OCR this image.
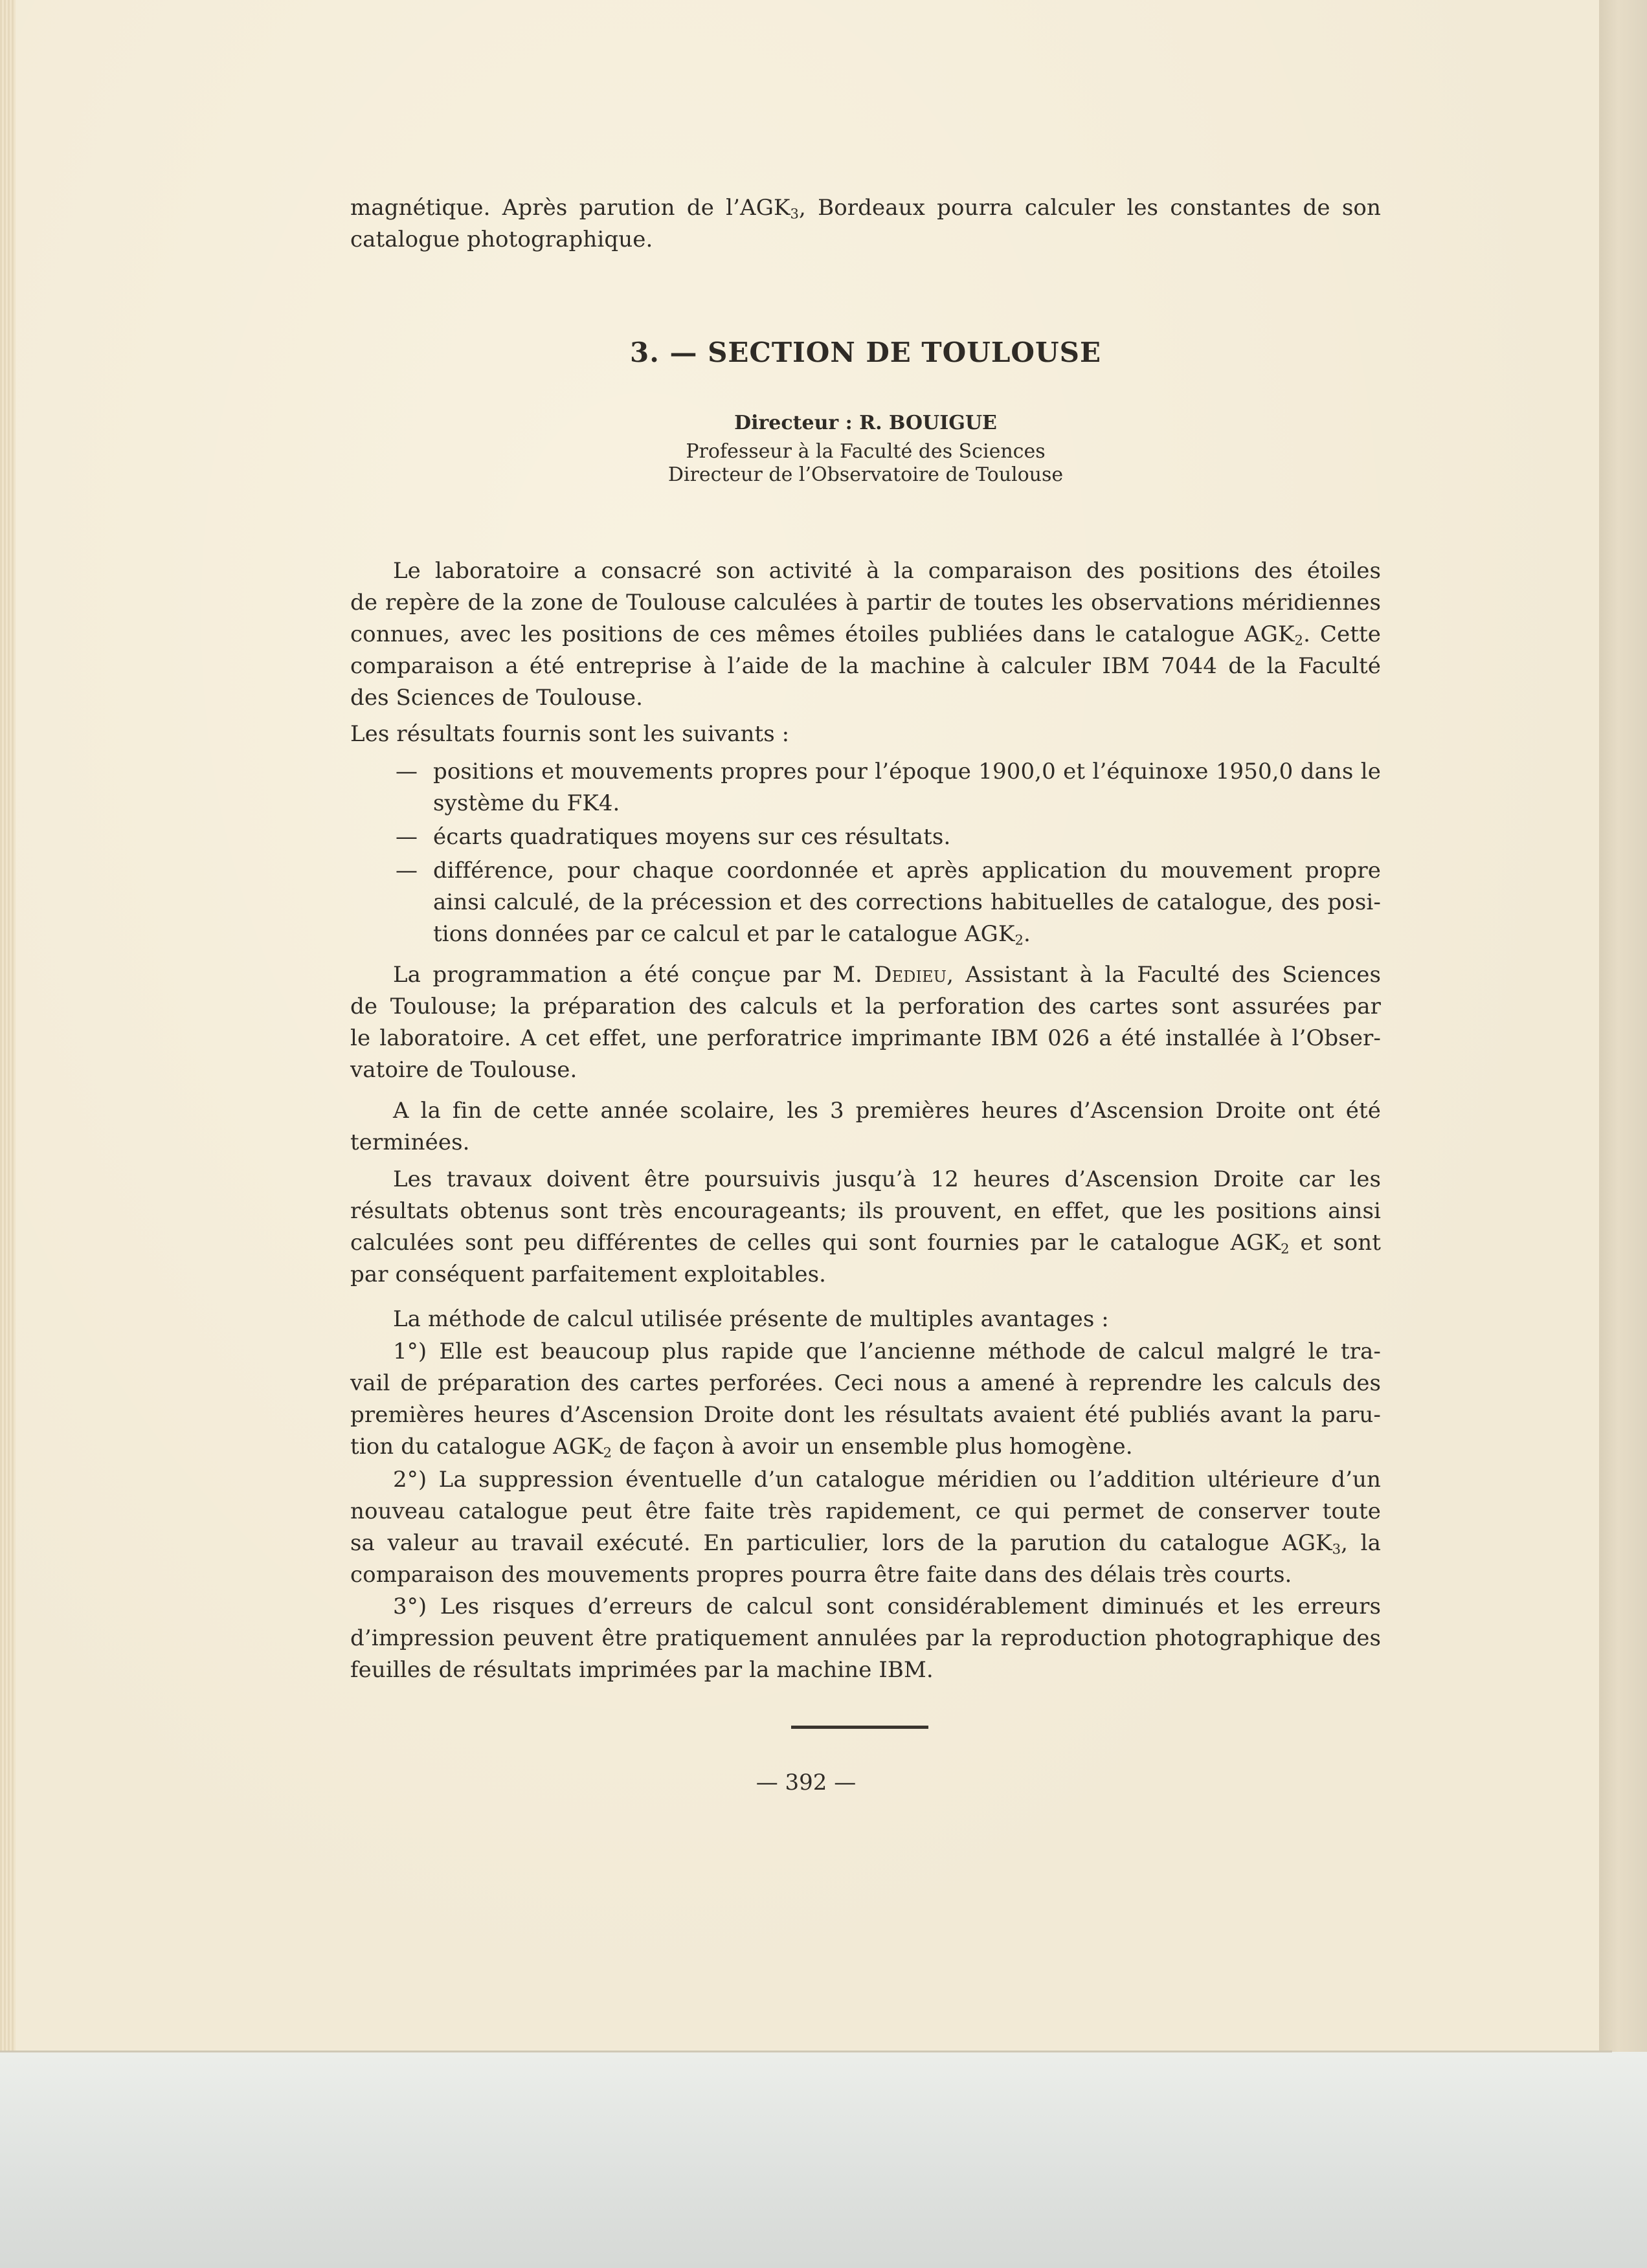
magnétique. Après parution de $l’AGK_3$, Bordeaux pourra calculer les constantes de son
catalogue photographique.
3. — SECTION DE TOULOUSE
Directeur : R. BOUIGUE
Professeur à la Faculté des Sciences
Directeur de l’Observatoire de Toulouse
Le laboratoire a consacré son activité à la comparaison des positions des étoiles
de repère de la zone de Toulouse calculées à partir de toutes les observations méridiennes
connues, avec les positions de ces mêmes étoiles publiées dans le catalogue $AGK_2$. Cette
comparaison a été entreprise à l’aide de la machine à calculer IBM 7044 de la Faculté
des Sciences de Toulouse.
Les résultats fournis sont les suivants :
— positions et mouvements propres pour l’époque 1900,0 et l’équinoxe 1950,0 dans le
système du FK4.
— écarts quadratiques moyens sur ces résultats.
— différence, pour chaque coordonnée et après application du mouvement propre
ainsi calculé, de la précession et des corrections habituelles de catalogue, des posi-
tions données par ce calcul et par le catalogue $AGK_2$.
La programmation a été conçue par M. Dedieu, Assistant à la Faculté des Sciences
de Toulouse; la préparation des calculs et la perforation des cartes sont assurées par
le laboratoire. A cet effet, une perforatrice imprimante IBM 026 a été installée à l’Obser-
vatoire de Toulouse.
A la fin de cette année scolaire, les 3 premières heures d’Ascension Droite ont été
terminées.
Les travaux doivent être poursuivis jusqu’à 12 heures d’Ascension Droite car les
résultats obtenus sont très encourageants; ils prouvent, en effet, que les positions ainsi
calculées sont peu différentes de celles qui sont fournies par le catalogue $AGK_2$ et sont
par conséquent parfaitement exploitables.
La méthode de calcul utilisée présente de multiples avantages :
1°) Elle est beaucoup plus rapide que l’ancienne méthode de calcul malgré le tra-
vail de préparation des cartes perforées. Ceci nous a amené à reprendre les calculs des
premières heures d’Ascension Droite dont les résultats avaient été publiés avant la paru-
tion du catalogue $AGK_2$ de façon à avoir un ensemble plus homogène.
2°) La suppression éventuelle d’un catalogue méridien ou l’addition ultérieure d’un
nouveau catalogue peut être faite très rapidement, ce qui permet de conserver toute
sa valeur au travail exécuté. En particulier, lors de la parution du catalogue $AGK_3$, la
comparaison des mouvements propres pourra être faite dans des délais très courts.
3°) Les risques d’erreurs de calcul sont considérablement diminués et les erreurs
d’impression peuvent être pratiquement annulées par la reproduction photographique des
feuilles de résultats imprimées par la machine IBM.
— 392 —
